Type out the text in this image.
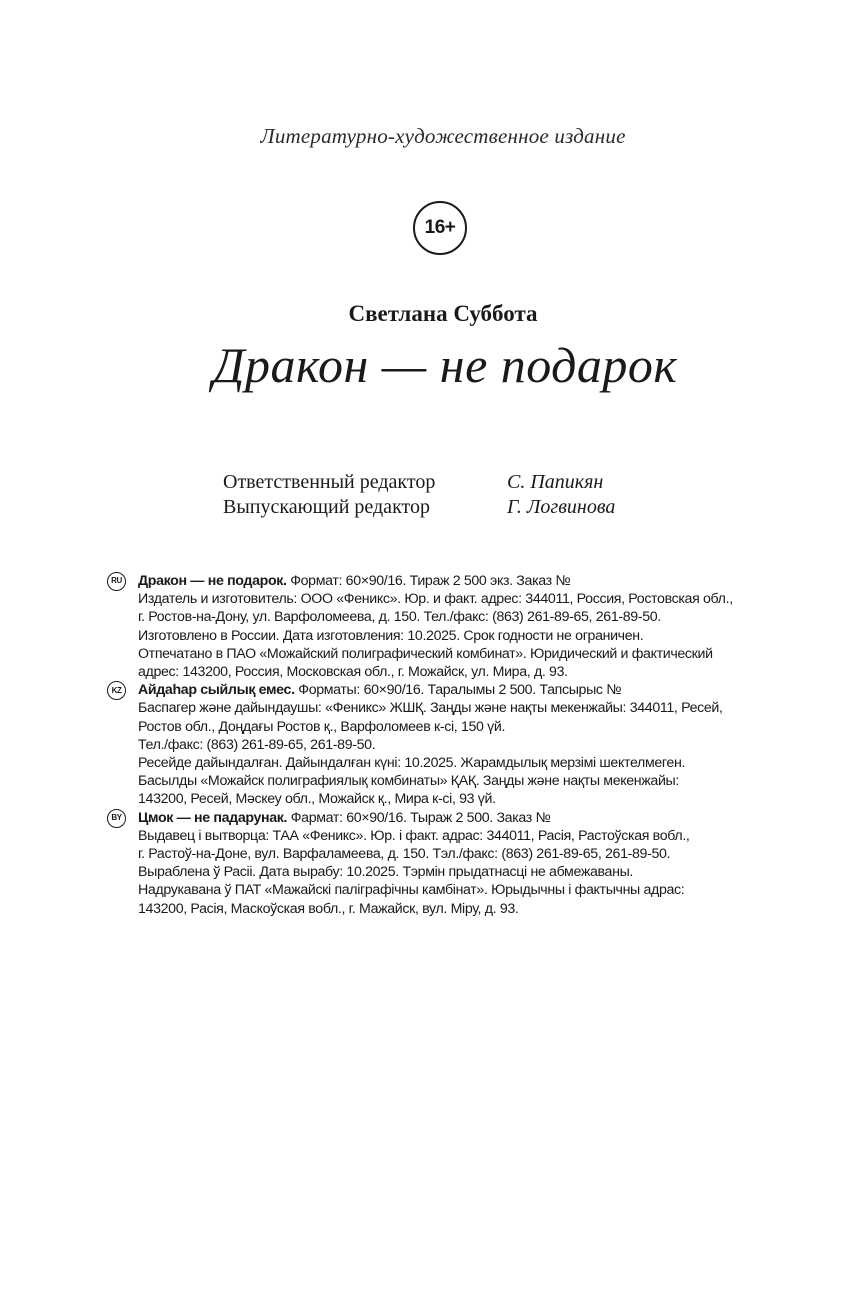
Литературно-художественное издание
16+
Светлана Суббота
Дракон — не подарок
Ответственный редактор	С. Папикян
Выпускающий редактор	Г. Логвинова
RU Дракон — не подарок. Формат: 60×90/16. Тираж 2 500 экз. Заказ №
Издатель и изготовитель: ООО «Феникс». Юр. и факт. адрес: 344011, Россия, Ростовская обл.,
г. Ростов-на-Дону, ул. Варфоломеева, д. 150. Тел./факс: (863) 261-89-65, 261-89-50.
Изготовлено в России. Дата изготовления: 10.2025. Срок годности не ограничен.
Отпечатано в ПАО «Можайский полиграфический комбинат». Юридический и фактический
адрес: 143200, Россия, Московская обл., г. Можайск, ул. Мира, д. 93.
KZ	Айдаһар сыйлық емес. Форматы: 60×90/16. Таралымы 2 500. Тапсырыс №
Баспагер және дайындаушы: «Феникс» ЖШҚ. Заңды және нақты мекенжайы: 344011, Ресей,
Ростов обл., Доңдағы Ростов қ., Варфоломеев к-сі, 150 үй.
Тел./факс: (863) 261-89-65, 261-89-50.
Ресейде дайындалған. Дайындалған күні: 10.2025. Жарамдылық мерзімі шектелмеген.
Басылды «Можайск полиграфиялық комбинаты» ҚАҚ. Заңды және нақты мекенжайы:
143200, Ресей, Мәскеу обл., Можайск қ., Мира к-сі, 93 үй.
BY	Цмок — не падарунак. Фармат: 60×90/16. Тыраж 2 500. Заказ №
Выдавец і вытворца: ТАА «Феникс». Юр. і факт. адрас: 344011, Расія, Растоўская вобл.,
г. Растоў-на-Доне, вул. Варфаламеева, д. 150. Тэл./факс: (863) 261-89-65, 261-89-50.
Выраблена ў Расіі. Дата вырабу: 10.2025. Тэрмін прыдатнасці не абмежаваны.
Надрукавана ў ПАТ «Мажайскі паліграфічны камбінат». Юрыдычны і фактычны адрас:
143200, Расія, Маскоўская вобл., г. Мажайск, вул. Міру, д. 93.
